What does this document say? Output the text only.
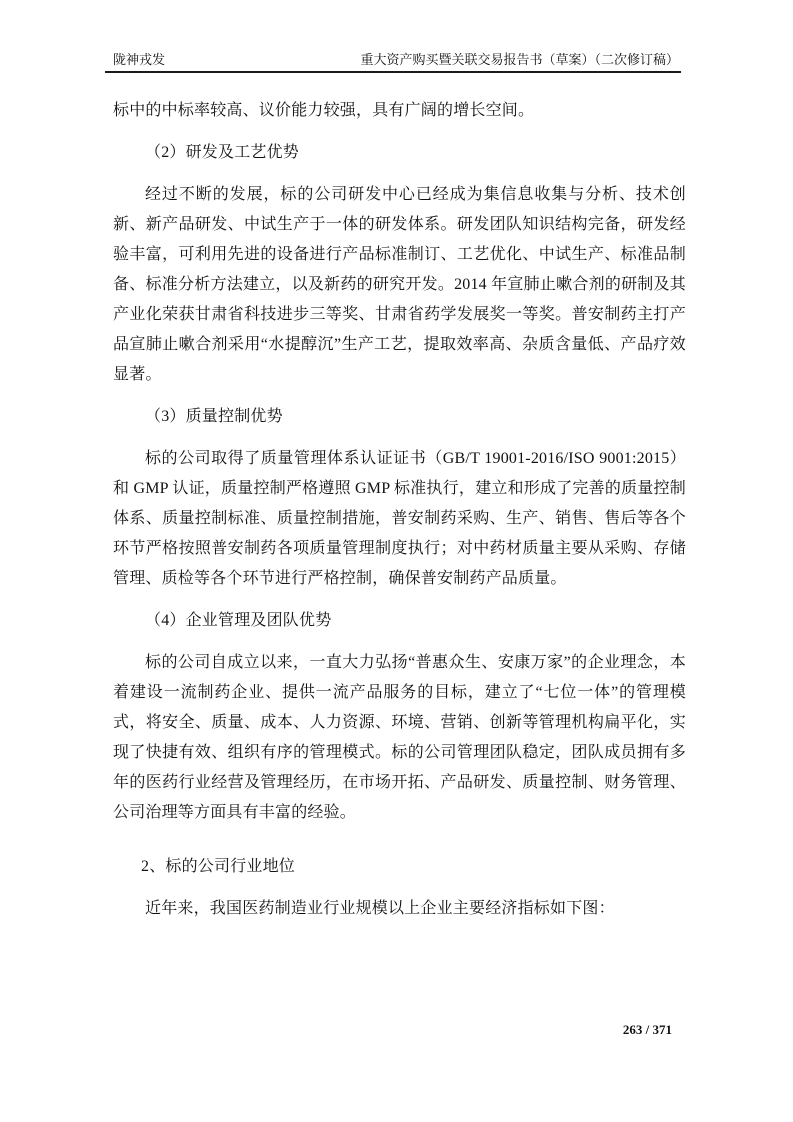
陇神戎发	重大资产购买暨关联交易报告书（草案）（二次修订稿）
标中的中标率较高、议价能力较强，具有广阔的增长空间。
（2）研发及工艺优势
经过不断的发展，标的公司研发中心已经成为集信息收集与分析、技术创新、新产品研发、中试生产于一体的研发体系。研发团队知识结构完备，研发经验丰富，可利用先进的设备进行产品标准制订、工艺优化、中试生产、标准品制备、标准分析方法建立，以及新药的研究开发。2014 年宣肺止嗽合剂的研制及其产业化荣获甘肃省科技进步三等奖、甘肃省药学发展奖一等奖。普安制药主打产品宣肺止嗽合剂采用“水提醇沉”生产工艺，提取效率高、杂质含量低、产品疗效显著。
（3）质量控制优势
标的公司取得了质量管理体系认证证书（GB/T 19001-2016/ISO 9001:2015）和 GMP 认证，质量控制严格遵照 GMP 标准执行，建立和形成了完善的质量控制体系、质量控制标准、质量控制措施，普安制药采购、生产、销售、售后等各个环节严格按照普安制药各项质量管理制度执行；对中药材质量主要从采购、存储管理、质检等各个环节进行严格控制，确保普安制药产品质量。
（4）企业管理及团队优势
标的公司自成立以来，一直大力弘扬“普惠众生、安康万家”的企业理念，本着建设一流制药企业、提供一流产品服务的目标，建立了“七位一体”的管理模式，将安全、质量、成本、人力资源、环境、营销、创新等管理机构扁平化，实现了快捷有效、组织有序的管理模式。标的公司管理团队稳定，团队成员拥有多年的医药行业经营及管理经历，在市场开拓、产品研发、质量控制、财务管理、公司治理等方面具有丰富的经验。
2、标的公司行业地位
近年来，我国医药制造业行业规模以上企业主要经济指标如下图：
263 / 371
